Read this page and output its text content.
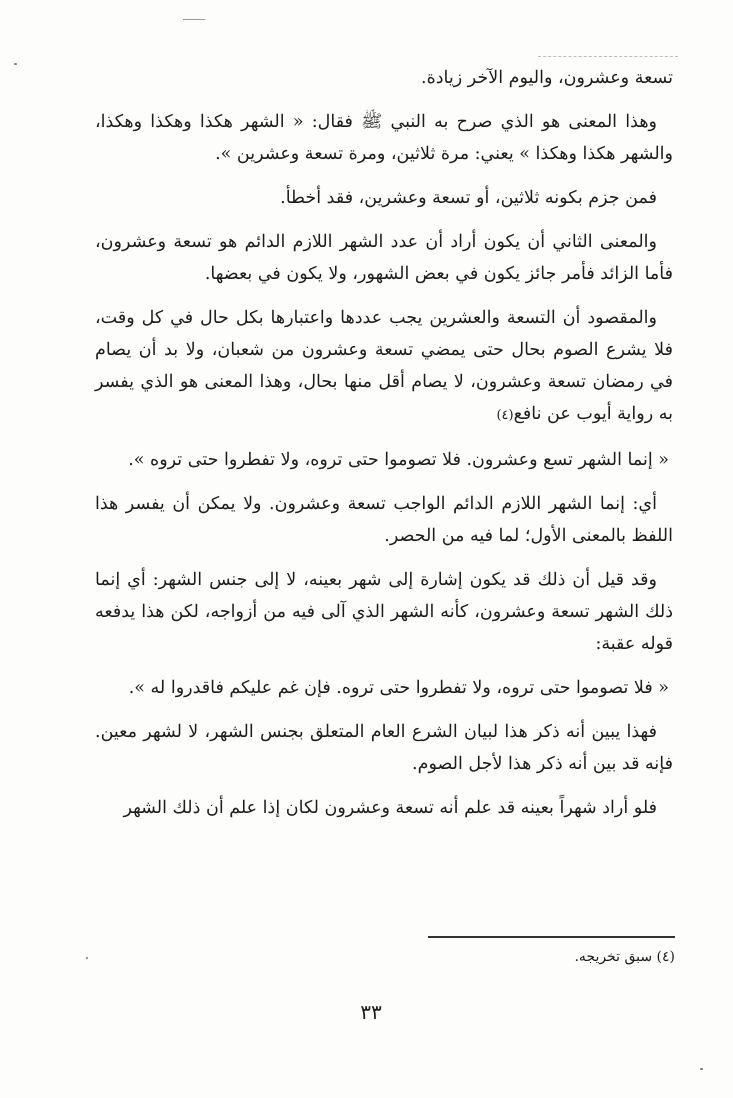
تسعة وعشرون، واليوم الآخر زيادة.

وهذا المعنى هو الذي صرح به النبي ﷺ فقال: « الشهر هكذا وهكذا وهكذا، والشهر هكذا وهكذا » يعني: مرة ثلاثين، ومرة تسعة وعشرين ».

فمن جزم بكونه ثلاثين، أو تسعة وعشرين، فقد أخطأ.

والمعنى الثاني أن يكون أراد أن عدد الشهر اللازم الدائم هو تسعة وعشرون، فأما الزائد فأمر جائز يكون في بعض الشهور، ولا يكون في بعضها.

والمقصود أن التسعة والعشرين يجب عددها واعتبارها بكل حال في كل وقت، فلا يشرع الصوم بحال حتى يمضي تسعة وعشرون من شعبان، ولا بد أن يصام في رمضان تسعة وعشرون، لا يصام أقل منها بحال، وهذا المعنى هو الذي يفسر به رواية أيوب عن نافع(٤)

« إنما الشهر تسع وعشرون. فلا تصوموا حتى تروه، ولا تفطروا حتى تروه ».

أي: إنما الشهر اللازم الدائم الواجب تسعة وعشرون. ولا يمكن أن يفسر هذا اللفظ بالمعنى الأول؛ لما فيه من الحصر.

وقد قيل أن ذلك قد يكون إشارة إلى شهر بعينه، لا إلى جنس الشهر: أي إنما ذلك الشهر تسعة وعشرون، كأنه الشهر الذي آلى فيه من أزواجه، لكن هذا يدفعه قوله عقبة:

« فلا تصوموا حتى تروه، ولا تفطروا حتى تروه. فإن غم عليكم فاقدروا له ».

فهذا يبين أنه ذكر هذا لبيان الشرع العام المتعلق بجنس الشهر، لا لشهر معين. فإنه قد بين أنه ذكر هذا لأجل الصوم.

فلو أراد شهراً بعينه قد علم أنه تسعة وعشرون لكان إذا علم أن ذلك الشهر

(٤) سبق تخريجه.
٣٣
